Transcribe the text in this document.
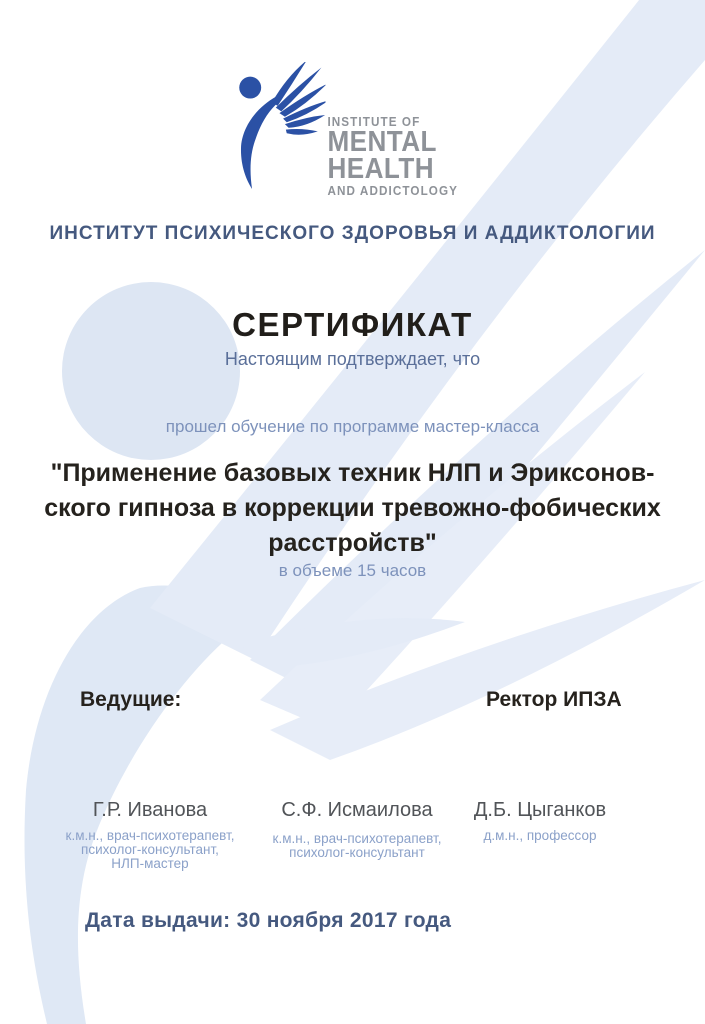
INSTITUTE OF
MENTAL
HEALTH
AND ADDICTOLOGY
ИНСТИТУТ ПСИХИЧЕСКОГО ЗДОРОВЬЯ И АДДИКТОЛОГИИ
СЕРТИФИКАТ
Настоящим подтверждает, что
прошел обучение по программе мастер-класса
"Применение базовых техник НЛП и Эриксонов-
ского гипноза в коррекции тревожно-фобических
расстройств"
в объеме 15 часов
Ведущие:	Ректор ИПЗА
Г.Р. Иванова
к.м.н., врач-психотерапевт,
психолог-консультант,
НЛП-мастер
С.Ф. Исмаилова
к.м.н., врач-психотерапевт,
психолог-консультант
Д.Б. Цыганков
д.м.н., профессор
Дата выдачи: 30 ноября 2017 года
